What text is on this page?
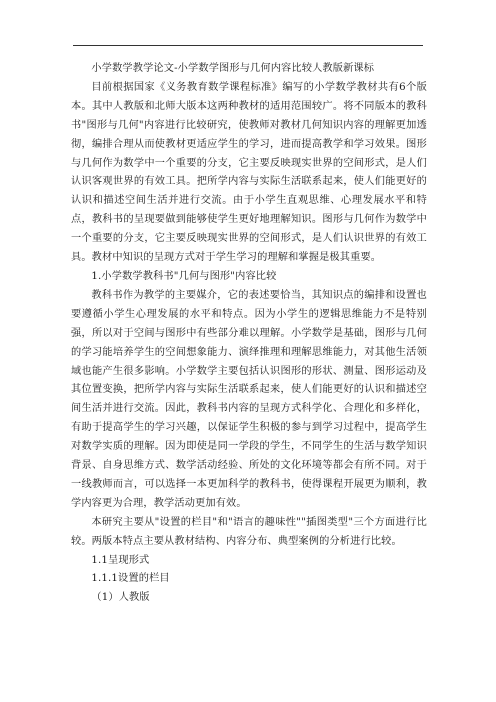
小学数学教学论文-小学数学图形与几何内容比较人教版新课标

目前根据国家《义务教育数学课程标准》编写的小学数学教材共有6个版本。其中人教版和北师大版本这两种教材的适用范围较广。将不同版本的教科书"图形与几何"内容进行比较研究，使教师对教材几何知识内容的理解更加透彻，编排合理从而使教材更适应学生的学习，进而提高教学和学习效果。图形与几何作为数学中一个重要的分支，它主要反映现实世界的空间形式，是人们认识客观世界的有效工具。把所学内容与实际生活联系起来，使人们能更好的认识和描述空间生活并进行交流。由于小学生直观思维、心理发展水平和特点，教科书的呈现要做到能够使学生更好地理解知识。图形与几何作为数学中一个重要的分支，它主要反映现实世界的空间形式，是人们认识世界的有效工具。教材中知识的呈现方式对于学生学习的理解和掌握是极其重要。

1.小学数学教科书"几何与图形"内容比较

教科书作为教学的主要媒介，它的表述要恰当，其知识点的编排和设置也要遵循小学生心理发展的水平和特点。因为小学生的逻辑思维能力不是特别强，所以对于空间与图形中有些部分难以理解。小学数学是基础，图形与几何的学习能培养学生的空间想象能力、演绎推理和理解思维能力，对其他生活领域也能产生很多影响。小学数学主要包括认识图形的形状、测量、图形运动及其位置变换，把所学内容与实际生活联系起来，使人们能更好的认识和描述空间生活并进行交流。因此，教科书内容的呈现方式科学化、合理化和多样化，有助于提高学生的学习兴趣，以保证学生积极的参与到学习过程中，提高学生对数学实质的理解。因为即使是同一学段的学生，不同学生的生活与数学知识背景、自身思维方式、数学活动经验、所处的文化环境等都会有所不同。对于一线教师而言，可以选择一本更加科学的教科书，使得课程开展更为顺利，教学内容更为合理，教学活动更加有效。

本研究主要从"设置的栏目"和"语言的趣味性""插图类型"三个方面进行比较。两版本特点主要从教材结构、内容分布、典型案例的分析进行比较。

1.1呈现形式

1.1.1设置的栏目

（1）人教版
